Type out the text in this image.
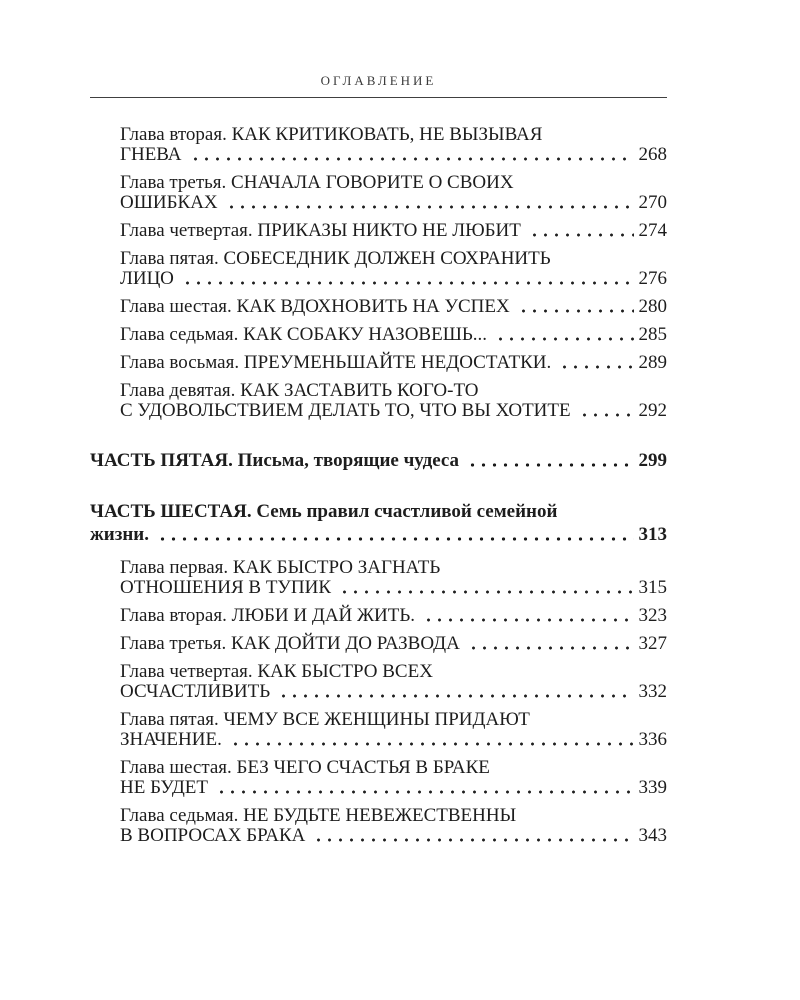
ОГЛАВЛЕНИЕ
Глава вторая. КАК КРИТИКОВАТЬ, НЕ ВЫЗЫВАЯ
ГНЕВА	268
Глава третья. СНАЧАЛА ГОВОРИТЕ О СВОИХ
ОШИБКАХ	270
Глава четвертая. ПРИКАЗЫ НИКТО НЕ ЛЮБИТ	274
Глава пятая. СОБЕСЕДНИК ДОЛЖЕН СОХРАНИТЬ
ЛИЦО	276
Глава шестая. КАК ВДОХНОВИТЬ НА УСПЕХ	280
Глава седьмая. КАК СОБАКУ НАЗОВЕШЬ...	285
Глава восьмая. ПРЕУМЕНЬШАЙТЕ НЕДОСТАТКИ.	289
Глава девятая. КАК ЗАСТАВИТЬ КОГО-ТО
С УДОВОЛЬСТВИЕМ ДЕЛАТЬ ТО, ЧТО ВЫ ХОТИТЕ	292
ЧАСТЬ ПЯТАЯ. Письма, творящие чудеса	299
ЧАСТЬ ШЕСТАЯ. Семь правил счастливой семейной
жизни.	313
Глава первая. КАК БЫСТРО ЗАГНАТЬ
ОТНОШЕНИЯ В ТУПИК	315
Глава вторая. ЛЮБИ И ДАЙ ЖИТЬ.	323
Глава третья. КАК ДОЙТИ ДО РАЗВОДА	327
Глава четвертая. КАК БЫСТРО ВСЕХ
ОСЧАСТЛИВИТЬ	332
Глава пятая. ЧЕМУ ВСЕ ЖЕНЩИНЫ ПРИДАЮТ
ЗНАЧЕНИЕ.	336
Глава шестая. БЕЗ ЧЕГО СЧАСТЬЯ В БРАКЕ
НЕ БУДЕТ	339
Глава седьмая. НЕ БУДЬТЕ НЕВЕЖЕСТВЕННЫ
В ВОПРОСАХ БРАКА	343
